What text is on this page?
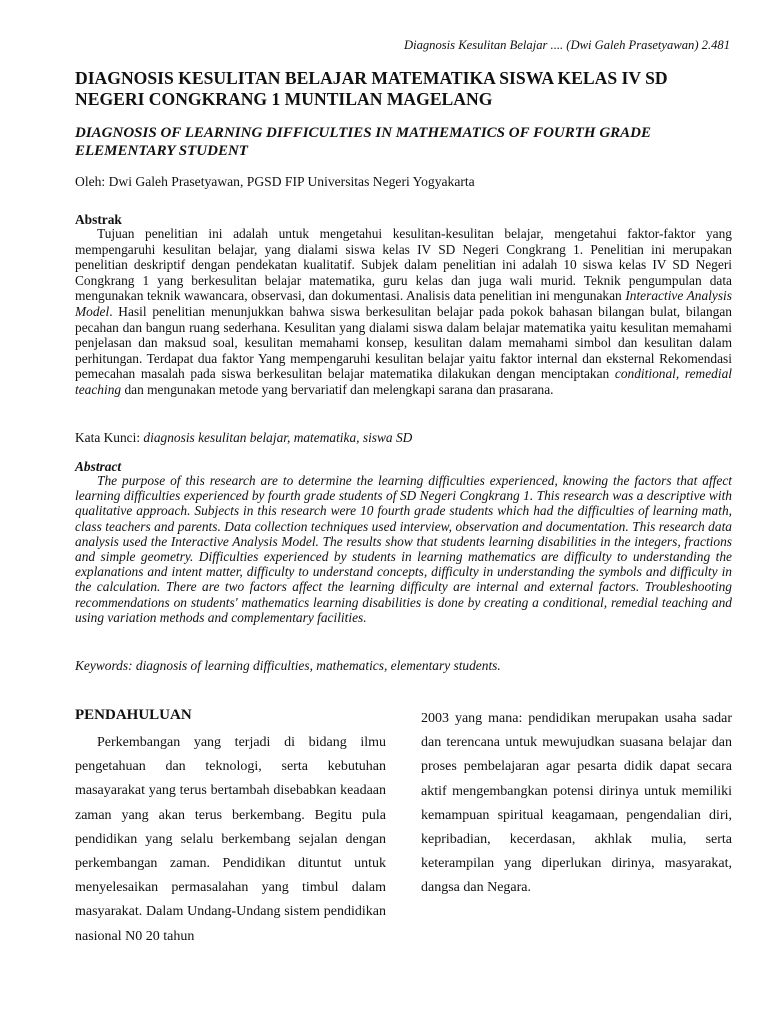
Diagnosis Kesulitan Belajar .... (Dwi Galeh Prasetyawan) 2.481
DIAGNOSIS KESULITAN BELAJAR MATEMATIKA SISWA KELAS IV SD NEGERI CONGKRANG 1 MUNTILAN MAGELANG
DIAGNOSIS OF LEARNING DIFFICULTIES IN MATHEMATICS OF FOURTH GRADE ELEMENTARY STUDENT
Oleh: Dwi Galeh Prasetyawan, PGSD FIP Universitas Negeri Yogyakarta
Abstrak

Tujuan penelitian ini adalah untuk mengetahui kesulitan-kesulitan belajar, mengetahui faktor-faktor yang mempengaruhi kesulitan belajar, yang dialami siswa kelas IV SD Negeri Congkrang 1. Penelitian ini merupakan penelitian deskriptif dengan pendekatan kualitatif. Subjek dalam penelitian ini adalah 10 siswa kelas IV SD Negeri Congkrang 1 yang berkesulitan belajar matematika, guru kelas dan juga wali murid. Teknik pengumpulan data mengunakan teknik wawancara, observasi, dan dokumentasi. Analisis data penelitian ini mengunakan Interactive Analysis Model. Hasil penelitian menunjukkan bahwa siswa berkesulitan belajar pada pokok bahasan bilangan bulat, bilangan pecahan dan bangun ruang sederhana. Kesulitan yang dialami siswa dalam belajar matematika yaitu kesulitan memahami penjelasan dan maksud soal, kesulitan memahami konsep, kesulitan dalam memahami simbol dan kesulitan dalam perhitungan. Terdapat dua faktor Yang mempengaruhi kesulitan belajar yaitu faktor internal dan eksternal Rekomendasi pemecahan masalah pada siswa berkesulitan belajar matematika dilakukan dengan menciptakan conditional, remedial teaching dan mengunakan metode yang bervariatif dan melengkapi sarana dan prasarana.

Kata Kunci: diagnosis kesulitan belajar, matematika, siswa SD
Abstract

The purpose of this research are to determine the learning difficulties experienced, knowing the factors that affect learning difficulties experienced by fourth grade students of SD Negeri Congkrang 1. This research was a descriptive with qualitative approach. Subjects in this research were 10 fourth grade students which had the difficulties of learning math, class teachers and parents. Data collection techniques used interview, observation and documentation. This research data analysis used the Interactive Analysis Model. The results show that students learning disabilities in the integers, fractions and simple geometry. Difficulties experienced by students in learning mathematics are difficulty to understanding the explanations and intent matter, difficulty to understand concepts, difficulty in understanding the symbols and difficulty in the calculation. There are two factors affect the learning difficulty are internal and external factors. Troubleshooting recommendations on students' mathematics learning disabilities is done by creating a conditional, remedial teaching and using variation methods and complementary facilities.

Keywords: diagnosis of learning difficulties, mathematics, elementary students.
PENDAHULUAN

Perkembangan yang terjadi di bidang ilmu pengetahuan dan teknologi, serta kebutuhan masayarakat yang terus bertambah disebabkan keadaan zaman yang akan terus berkembang. Begitu pula pendidikan yang selalu berkembang sejalan dengan perkembangan zaman. Pendidikan dituntut untuk menyelesaikan permasalahan yang timbul dalam masyarakat. Dalam Undang-Undang sistem pendidikan nasional N0 20 tahun

2003 yang mana: pendidikan merupakan usaha sadar dan terencana untuk mewujudkan suasana belajar dan proses pembelajaran agar pesarta didik dapat secara aktif mengembangkan potensi dirinya untuk memiliki kemampuan spiritual keagamaan, pengendalian diri, kepribadian, kecerdasan, akhlak mulia, serta keterampilan yang diperlukan dirinya, masyarakat, dangsa dan Negara.
